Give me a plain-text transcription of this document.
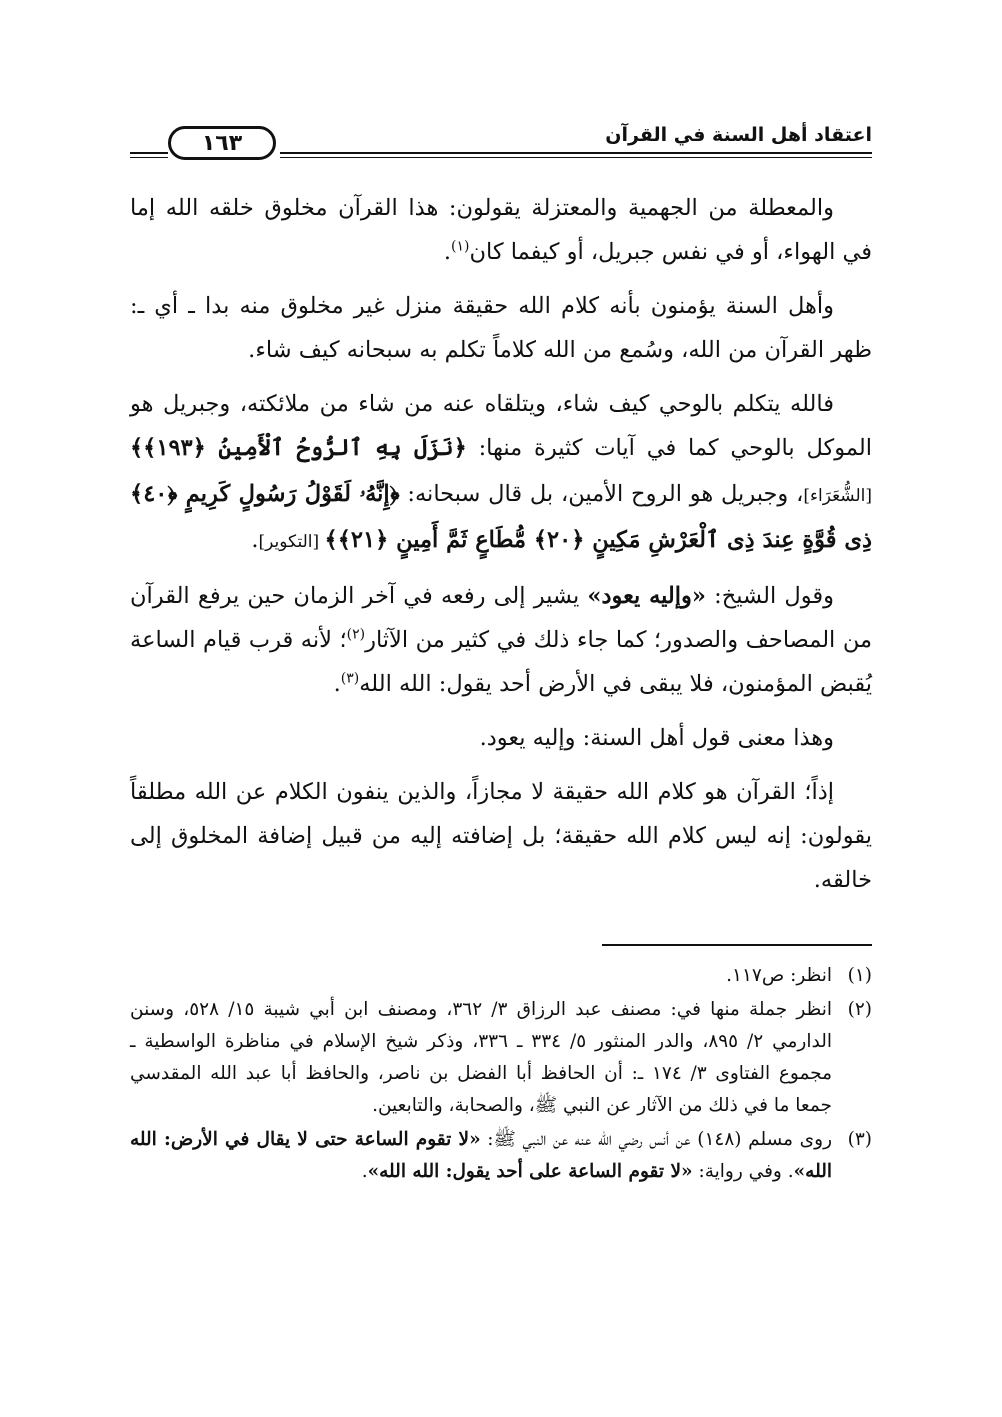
اعتقاد أهل السنة في القرآن
١٦٣

والمعطلة من الجهمية والمعتزلة يقولون: هذا القرآن مخلوق خلقه الله إما في الهواء، أو في نفس جبريل، أو كيفما كان$^{(١)}$.

وأهل السنة يؤمنون بأنه كلام الله حقيقة منزل غير مخلوق منه بدا ـ أي ـ: ظهر القرآن من الله، وسُمع من الله كلاماً تكلم به سبحانه كيف شاء.

فالله يتكلم بالوحي كيف شاء، ويتلقاه عنه من شاء من ملائكته، وجبريل هو الموكل بالوحي كما في آيات كثيرة منها: ﴿نَزَلَ بِهِ ٱلرُّوحُ ٱلْأَمِينُ ﴿١٩٣﴾﴾ [الشُّعَرَاء]، وجبريل هو الروح الأمين، بل قال سبحانه: ﴿إِنَّهُۥ لَقَوْلُ رَسُولٍ كَرِيمٍ ﴿٤٠﴾ ذِى قُوَّةٍ عِندَ ذِى ٱلْعَرْشِ مَكِينٍ ﴿٢٠﴾ مُّطَاعٍ ثَمَّ أَمِينٍ ﴿٢١﴾﴾ [التكوير].

وقول الشيخ: «وإليه يعود» يشير إلى رفعه في آخر الزمان حين يرفع القرآن من المصاحف والصدور؛ كما جاء ذلك في كثير من الآثار$^{(٢)}$؛ لأنه قرب قيام الساعة يُقبض المؤمنون، فلا يبقى في الأرض أحد يقول: الله الله$^{(٣)}$.

وهذا معنى قول أهل السنة: وإليه يعود.

إذاً؛ القرآن هو كلام الله حقيقة لا مجازاً، والذين ينفون الكلام عن الله مطلقاً يقولون: إنه ليس كلام الله حقيقة؛ بل إضافته إليه من قبيل إضافة المخلوق إلى خالقه.

(١)
انظر: ص١١٧.
(٢)
انظر جملة منها في: مصنف عبد الرزاق ٣/ ٣٦٢، ومصنف ابن أبي شيبة ١٥/ ٥٢٨، وسنن الدارمي ٢/ ٨٩٥، والدر المنثور ٥/ ٣٣٤ ـ ٣٣٦، وذكر شيخ الإسلام في مناظرة الواسطية ـ مجموع الفتاوى ٣/ ١٧٤ ـ: أن الحافظ أبا الفضل بن ناصر، والحافظ أبا عبد الله المقدسي جمعا ما في ذلك من الآثار عن النبي ﷺ، والصحابة، والتابعين.
(٣)
روى مسلم (١٤٨) عن أنس رضي الله عنه عن النبي ﷺ: «لا تقوم الساعة حتى لا يقال في الأرض: الله الله». وفي رواية: «لا تقوم الساعة على أحد يقول: الله الله».
